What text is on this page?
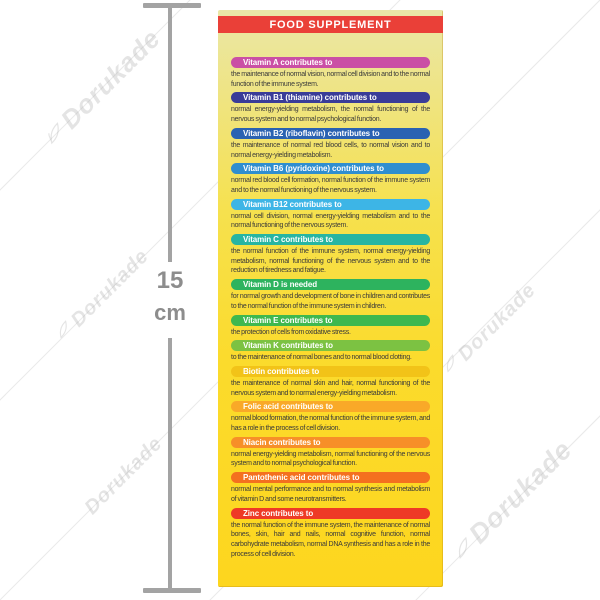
Dorukade
Dorukade
Dorukade
Dorukade
Dorukade
15
cm
FOOD SUPPLEMENT
Vitamin A contributes to

the maintenance of normal vision, normal cell division and to the normal function of the immune system.

Vitamin B1 (thiamine) contributes to

normal energy-yielding metabolism, the normal functioning of the nervous system and to normal psychological function.

Vitamin B2 (riboflavin) contributes to

the maintenance of normal red blood cells, to normal vision and to normal energy-yielding metabolism.

Vitamin B6 (pyridoxine) contributes to

normal red blood cell formation, normal function of the immune system and to the normal functioning of the nervous system.

Vitamin B12 contributes to

normal cell division, normal energy-yielding metabolism and to the normal functioning of the nervous system.

Vitamin C contributes to

the normal function of the immune system, normal energy-yielding metabolism, normal functioning of the nervous system and to the reduction of tiredness and fatigue.

Vitamin D is needed

for normal growth and development of bone in children and contributes to the normal function of the immune system in children.

Vitamin E contributes to

the protection of cells from oxidative stress.

Vitamin K contributes to

to the maintenance of normal bones and to normal blood clotting.

Biotin contributes to

the maintenance of normal skin and hair, normal functioning of the nervous system and to normal energy-yielding metabolism.

Folic acid contributes to

normal blood formation, the normal function of the immune system, and has a role in the process of cell division.

Niacin contributes to

normal energy-yielding metabolism, normal functioning of the nervous system and to normal psychological function.

Pantothenic acid contributes to

normal mental performance and to normal synthesis and metabolism of vitamin D and some neurotransmitters.

Zinc contributes to

the normal function of the immune system, the maintenance of normal bones, skin, hair and nails, normal cognitive function, normal carbohydrate metabolism, normal DNA synthesis and has a role in the process of cell division.
